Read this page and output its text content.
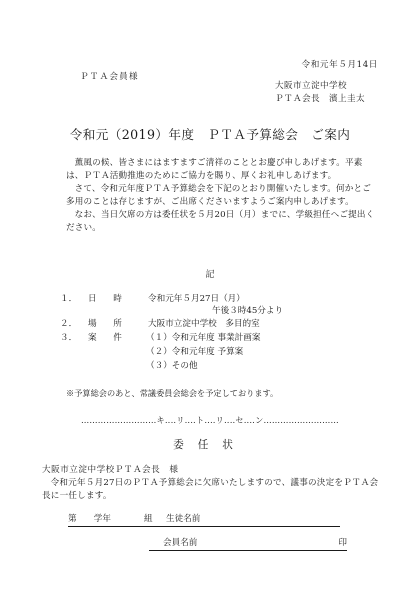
令和元年５月14日
ＰＴＡ会員様
大阪市立淀中学校
ＰＴＡ会長　濱上圭太
令和元（2019）年度　ＰＴＡ予算総会　ご案内

薫風の候、皆さまにはますますご清祥のこととお慶び申しあげます。平素は、ＰＴＡ活動推進のためにご協力を賜り、厚くお礼申しあげます。

さて、令和元年度ＰＴＡ予算総会を下記のとおり開催いたします。何かとご多用のことは存じますが、ご出席くださいますようご案内申しあげます。

なお、当日欠席の方は委任状を５月20日（月）までに、学級担任へご提出ください。

記
１． 日　時	令和元年５月27日（月）
午後３時45分より
２． 場　所	大阪市立淀中学校　多目的室
３． 案　件	（１）令和元年度 事業計画案
（２）令和元年度 予算案
（３）その他
※予算総会のあと、常議委員会総会を予定しております。
………………………キ‥‥リ‥‥ト‥‥リ‥‥セ‥‥ン………………………
委任状
大阪市立淀中学校ＰＴＡ会長　様

令和元年５月27日のＰＴＡ予算総会に欠席いたしますので、議事の決定をＰＴＡ会長に一任します。

第　　学年	組 生徒名前
会員名前	印
